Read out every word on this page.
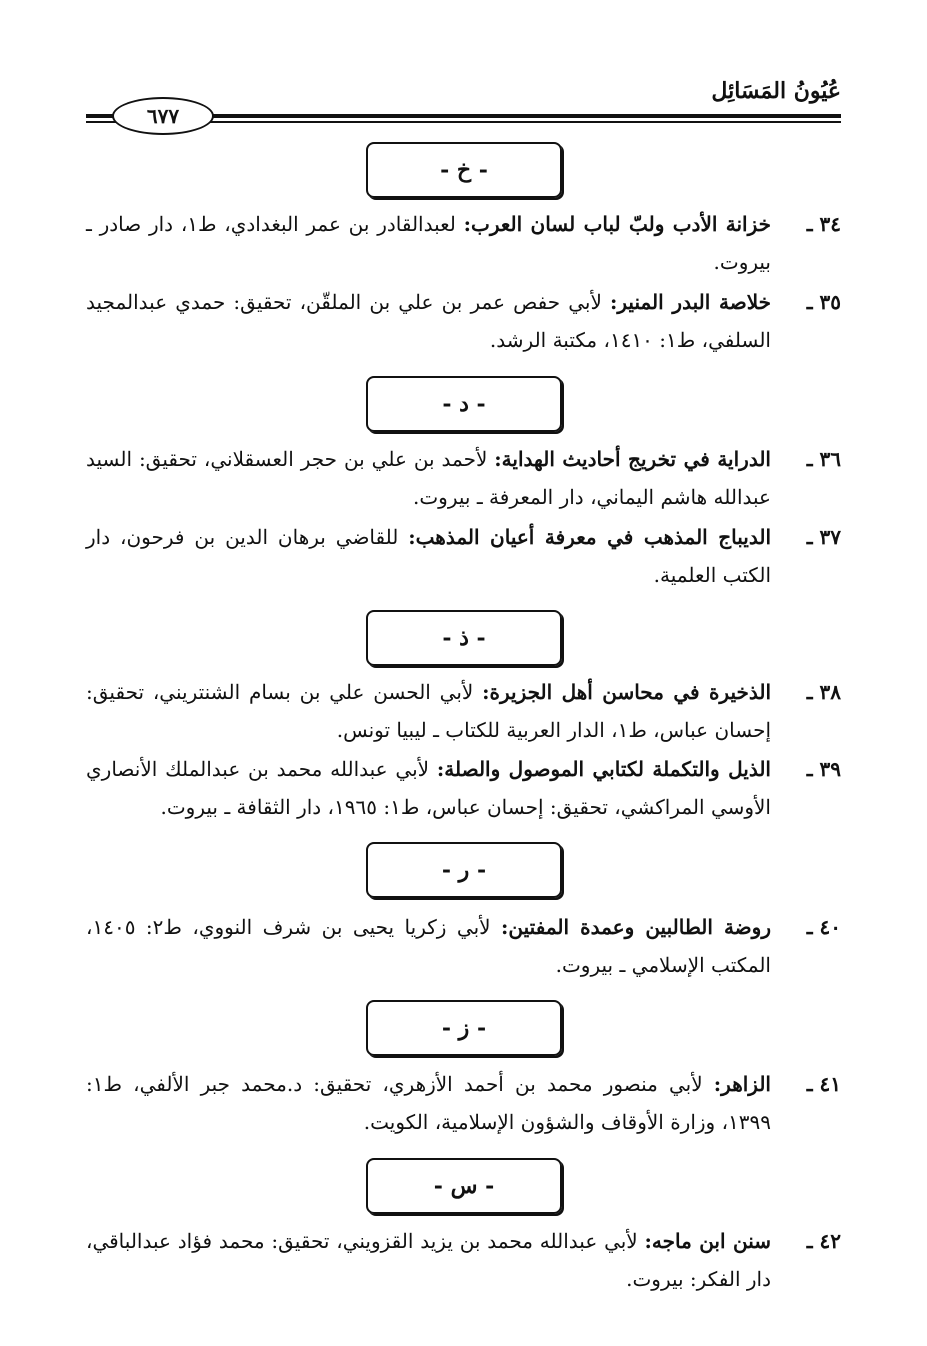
عُيُونُ المَسَائِل
٦٧٧
- خ -
٣٤ ـ
خزانة الأدب ولبّ لباب لسان العرب: لعبدالقادر بن عمر البغدادي، ط١، دار صادر ـ بيروت.
٣٥ ـ
خلاصة البدر المنير: لأبي حفص عمر بن علي بن الملقّن، تحقيق: حمدي عبدالمجيد السلفي، ط١: ١٤١٠، مكتبة الرشد.
- د -
٣٦ ـ
الدراية في تخريج أحاديث الهداية: لأحمد بن علي بن حجر العسقلاني، تحقيق: السيد عبدالله هاشم اليماني، دار المعرفة ـ بيروت.
٣٧ ـ
الديباج المذهب في معرفة أعيان المذهب: للقاضي برهان الدين بن فرحون، دار الكتب العلمية.
- ذ -
٣٨ ـ
الذخيرة في محاسن أهل الجزيرة: لأبي الحسن علي بن بسام الشنتريني، تحقيق: إحسان عباس، ط١، الدار العربية للكتاب ـ ليبيا تونس.
٣٩ ـ
الذيل والتكملة لكتابي الموصول والصلة: لأبي عبدالله محمد بن عبدالملك الأنصاري الأوسي المراكشي، تحقيق: إحسان عباس، ط١: ١٩٦٥، دار الثقافة ـ بيروت.
- ر -
٤٠ ـ
روضة الطالبين وعمدة المفتين: لأبي زكريا يحيى بن شرف النووي، ط٢: ١٤٠٥، المكتب الإسلامي ـ بيروت.
- ز -
٤١ ـ
الزاهر: لأبي منصور محمد بن أحمد الأزهري، تحقيق: د.محمد جبر الألفي، ط١: ١٣٩٩، وزارة الأوقاف والشؤون الإسلامية، الكويت.
- س -
٤٢ ـ
سنن ابن ماجه: لأبي عبدالله محمد بن يزيد القزويني، تحقيق: محمد فؤاد عبدالباقي، دار الفكر: بيروت.
